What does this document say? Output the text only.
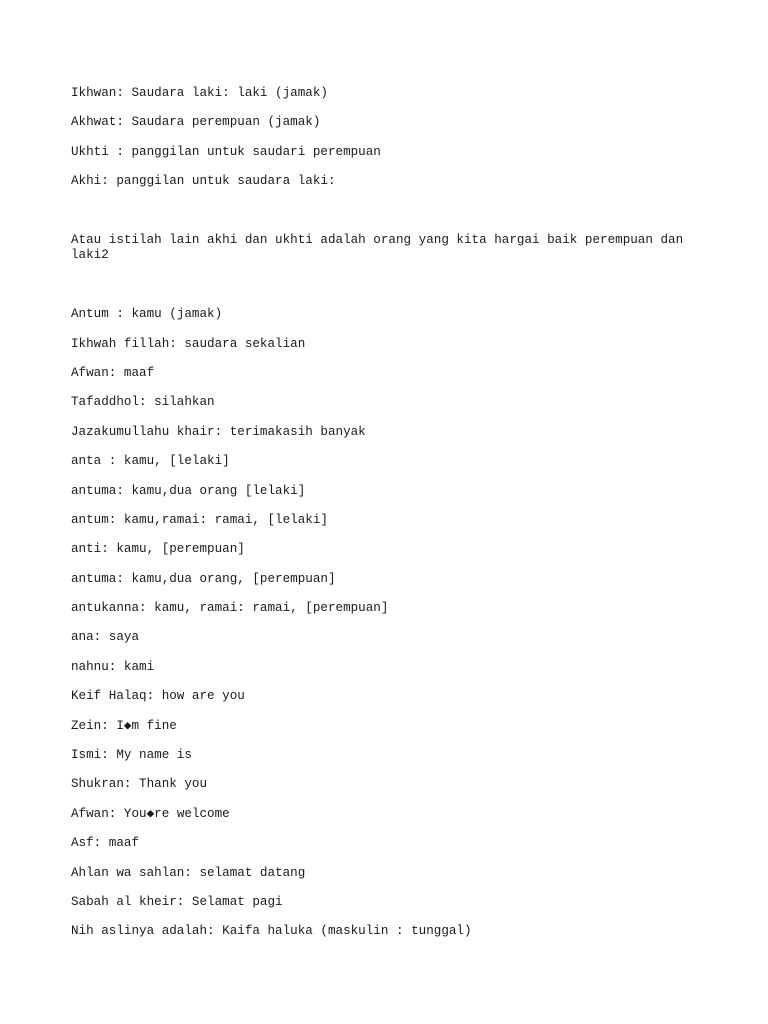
Ikhwan: Saudara laki: laki (jamak)
Akhwat: Saudara perempuan (jamak)
Ukhti : panggilan untuk saudari perempuan
Akhi: panggilan untuk saudara laki:
Atau istilah lain akhi dan ukhti adalah orang yang kita hargai baik perempuan dan laki2
Antum : kamu (jamak)
Ikhwah fillah: saudara sekalian
Afwan: maaf
Tafaddhol: silahkan
Jazakumullahu khair: terimakasih banyak
anta : kamu, [lelaki]
antuma: kamu,dua orang [lelaki]
antum: kamu,ramai: ramai, [lelaki]
anti: kamu, [perempuan]
antuma: kamu,dua orang, [perempuan]
antukanna: kamu, ramai: ramai, [perempuan]
ana: saya
nahnu: kami
Keif Halaq: how are you
Zein: I◆m fine
Ismi: My name is
Shukran: Thank you
Afwan: You◆re welcome
Asf: maaf
Ahlan wa sahlan: selamat datang
Sabah al kheir: Selamat pagi
Nih aslinya adalah: Kaifa haluka (maskulin : tunggal)
